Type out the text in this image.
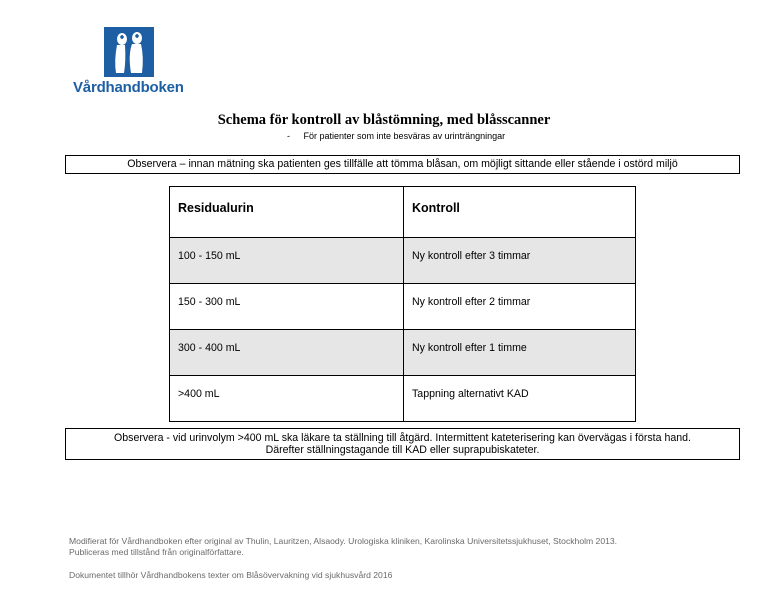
Vårdhandboken
Schema för kontroll av blåstömning, med blåsscanner
- För patienter som inte besväras av urinträngningar
Observera – innan mätning ska patienten ges tillfälle att tömma blåsan, om möjligt sittande eller stående i ostörd miljö
Residualurin	Kontroll
100 - 150 mL	Ny kontroll efter 3 timmar
150 - 300 mL	Ny kontroll efter 2 timmar
300 - 400 mL	Ny kontroll efter 1 timme
>400 mL	Tappning alternativt KAD
Observera - vid urinvolym >400 mL ska läkare ta ställning till åtgärd. Intermittent kateterisering kan övervägas i första hand.
Därefter ställningstagande till KAD eller suprapubiskateter.
Modifierat för Vårdhandboken efter original av Thulin, Lauritzen, Alsaody. Urologiska kliniken, Karolinska Universitetssjukhuset, Stockholm 2013.
Publiceras med tillstånd från originalförfattare.
Dokumentet tillhör Vårdhandbokens texter om Blåsövervakning vid sjukhusvård 2016
